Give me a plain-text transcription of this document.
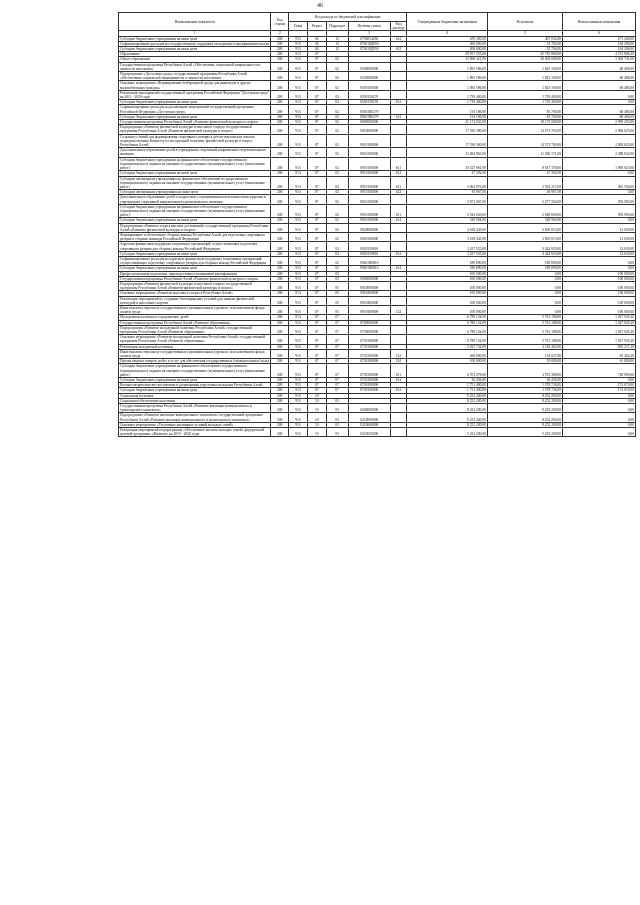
46
Наименование показателя	Код строки	Код расхода по бюджетной классификации					Утвержденные бюджетные назначения	Исполнено	Неисполненные назначения
		Глава	Раздел	Подраздел	Целевая статья	Вид расхода			
1	2				3		4	5	6
Субсидии бюджетным учреждениям на иные цели	200	913	04	12	0730054450	612	678 300,00	407 032,00	271 268,00
Софинансирование расходов на государственную поддержку молодежного предпринимательства	200	913	04	12	073018Д050		200 000,00	35 704,00	164 296,00
Субсидии бюджетным учреждениям на иные цели	200	913	04	12	073018Д050	612	200 000,00	35 704,00	164 296,00
Образование	200	913	07				29 957 555,00	25 765 868,60	4 191 686,20
Общее образование	200	913	07	02			23 068 421,00	20 004 680,00	3 063 741,00
Государственная программа Республики Алтай «Обеспечение социальной защищенности и занятости населения»	200	913	07	02	0500000000		1 893 586,00	1 825 100,00	68 486,00
Подпрограмма «Доступная среда» государственной программы Республики Алтай «Обеспечение социальной защищенности и занятости населения»	200	913	07	02	0550000000		1 893 586,00	1 825 100,00	68 486,00
Основное мероприятие «Формирование безбарьерной среды для инвалидов и других маломобильных граждан»	200	913	07	02	0550100000		1 893 586,00	1 825 100,00	68 486,00
Реализация мероприятий государственной программы Российской Федерации "Доступная среда" на 2011 - 2020 годы	200	913	07	02	0550150270		1 739 400,00	1 739 400,00	0,00
Субсидии бюджетным учреждениям на иные цели	200	913	07	02	0550150270	612	1 739 400,00	1 739 400,00	0,00
Софинансирование расходов на реализацию мероприятий государственной программы Российской Федерации «Доступная среда»	200	913	07	02	05501R0270		154 186,00	85 700,00	68 486,00
Субсидии бюджетным учреждениям на иные цели	200	913	07	02	05501R0270	612	154 186,00	85 700,00	68 486,00
Государственная программа Республики Алтай «Развитие физической культуры и спорта»	200	913	07	02	0900000000		21 174 835,00	18 179 580,00	2 995 255,00
Подпрограмма «Развитие физической культуры и массового спорта» государственной программы Республики Алтай «Развитие физической культуры и спорта»	200	913	07	02	0910000000		17 556 390,00	14 573 765,00	2 982 625,00
Создание условий для формирования спортивного резерва в детско-юношеских школах, подведомственных Комитету по молодежной политике, физической культуре и спорту Республики Алтай	200	913	07	02	0910100000		17 556 390,00	14 573 765,00	2 982 625,00
Дополнительное образование детей в учреждениях спортивной направленности регионального значения	200	913	07	02	0910100000		13 684 963,00	11 296 171,00	2 388 832,00
Субсидии бюджетным учреждениям на финансовое обеспечение государственного (муниципального) задания на оказание государственных (муниципальных) услуг (выполнение работ)	200	913	07	02	0910100000	611	10 527 061,00	8 637 378,00	1 890 023,00
Субсидии бюджетным учреждениям на иные цели	200	913	07	02	0910100000	612	47 392,00	47 392,00	0,00
Субсидии автономным учреждениям на финансовое обеспечение государственного (муниципального) задания на оказание государственных (муниципальных) услуг (выполнение работ)	200	913	07	02	0910100000	621	3 064 876,00	2 563 217,00	492 594,00
Субсидии автономным учреждениям на иные цели	200	913	07	02	0910100000	622	36 967,00	36 967,00	0,00
Дополнительное образование детей и подростков с ограниченными возможностями здоровья в учреждениях спортивной направленности регионального значения	200	913	07	02	0910100000		3 871 367,00	3 277 594,00	593 993,00
Субсидии бюджетным учреждениям на финансовое обеспечение государственного (муниципального) задания на оказание государственных (муниципальных) услуг (выполнение работ)	200	913	07	02	0910100000	611	3 542 663,00	2 948 690,00	593 993,00
Субсидии бюджетным учреждениям на иные цели	200	913	07	02	0910100000	612	328 904,00	328 904,00	0,00
Подпрограмма «Развитие спорта высших достижений» государственной программы Республики Алтай «Развитие физической культуры и спорта»	200	913	07	02	0920000000		3 618 445,00	3 605 815,00	12 630,00
Формирование и обеспечение сборных команд Республики Алтай для подготовки спортивного резерва в сборные команды Российской Федерации	200	913	07	02	0920100000		3 618 445,00	3 605 815,00	12 630,00
Адресная финансовая поддержка спортивных организаций, осуществляющих подготовку спортивного резерва для сборных команд Российской Федерации	200	913	07	02	0920150810		3 437 555,00	3 424 925,00	12 630,00
Субсидии бюджетным учреждениям на иные цели	200	913	07	02	0920150810	612	3 437 555,00	3 424 925,00	12 630,00
Софинансирование расходов на адресную финансовую поддержку спортивных организаций, осуществляющих подготовку спортивного резерва для сборных команд Российской Федерации	200	913	07	02	09201R0810		180 890,00	180 890,00	0,00
Субсидии бюджетным учреждениям на иные цели	200	913	07	02	09201R0810	612	180 890,00	180 890,00	0,00
Профессиональная подготовка, переподготовка и повышение квалификации	200	913	07	05			100 000,00	0,00	100 000,00
Государственная программа Республики Алтай «Развитие физической культуры и спорта»	200	913	07	05	0900000000		100 000,00	0,00	100 000,00
Подпрограмма «Развитие физической культуры и массового спорта» государственной программы Республики Алтай «Развитие физической культуры и спорта»	200	913	07	05	0910000000		100 000,00	0,00	100 000,00
Основное мероприятие «Развитие массового спорта в Республике Алтай»	200	913	07	05	0910400000		100 000,00	0,00	100 000,00
Реализация мероприятий по созданию благоприятных условий для занятия физической культурой и массовым спортом	200	913	07	05	0910400000		100 000,00	0,00	100 000,00
Иные выплаты персоналу государственных (муниципальных) органов, за исключением фонда оплаты труда	200	913	07	05	0910400000	122	100 000,00	0,00	100 000,00
Молодежная политика и оздоровление детей	200	913	07	07			6 789 134,00	5 761 188,80	1 027 945,20
Государственная программа Республики Алтай «Развитие образования»	200	913	07	07	0700000000		6 789 134,00	5 761 188,80	1 027 945,20
Подпрограмма «Развитие молодежной политики Республики Алтай» государственной программы Республики Алтай «Развитие образования»	200	913	07	07	0730000000		6 789 134,00	5 761 188,80	1 027 945,20
Основное мероприятие «Развитие молодежной политики Республики Алтай» государственной программы Республики Алтай «Развитие образования»	200	913	07	07	0730100000		6 789 134,00	5 761 188,80	1 027 945,20
Реализация молодежной политики	200	913	07	07	0730100000		5 037 734,00	4 182 462,80	855 271,20
Иные выплаты персоналу государственных (муниципальных) органов, за исключением фонда оплаты труда	200	913	07	07	0730100000	122	200 000,00	134 637,80	65 362,20
Прочая закупка товаров, работ и услуг для обеспечения государственных (муниципальных) нужд	200	913	07	07	0730100000	244	100 000,00	39 000,00	61 000,00
Субсидии бюджетным учреждениям на финансовое обеспечение государственного (муниципального) задания на оказание государственных (муниципальных) услуг (выполнение работ)	200	913	07	07	0730100000	611	4 701 278,00	3 972 389,00	728 909,00
Субсидии бюджетным учреждениям на иные цели	200	913	07	07	0730100000	612	36 456,00	36 436,00	0,00
Военно-патриотическое воспитание и допризывная подготовка молодежи Республики Алтай	200	913	07	07	0730100000		1 751 400,00	1 578 726,00	172 674,00
Субсидии бюджетным учреждениям на иные цели	200	913	07	07	0730100000	612	1 751 400,00	1 578 726,00	172 674,00
Социальная политика	200	913	10				8 252 200,00	8 252 200,00	0,00
Социальное обеспечение населения	200	913	10	03			8 252 200,00	8 252 200,00	0,00
Государственная программа Республики Алтай «Развитие жилищно-коммунального и транспортного комплекса»	200	913	10	03	0200000000		8 252 200,00	8 252 200,00	0,00
Подпрограмма «Развитие жилищно-коммунального комплекса» государственной программы Республики Алтай «Развитие жилищно-коммунального и транспортного комплекса»	200	913	10	03	0210000000		8 252 200,00	8 252 200,00	0,00
Основное мероприятие «Улучшение жилищных условий молодых семей»	200	913	10	03	0210600000		8 252 200,00	8 252 200,00	0,00
Реализация мероприятий подпрограммы «Обеспечение жильем молодых семей» федеральной целевой программы «Жилище» на 2015 - 2020 годы	200	913	10	03	0210650200		5 252 200,00	5 252 200,00	0,00
